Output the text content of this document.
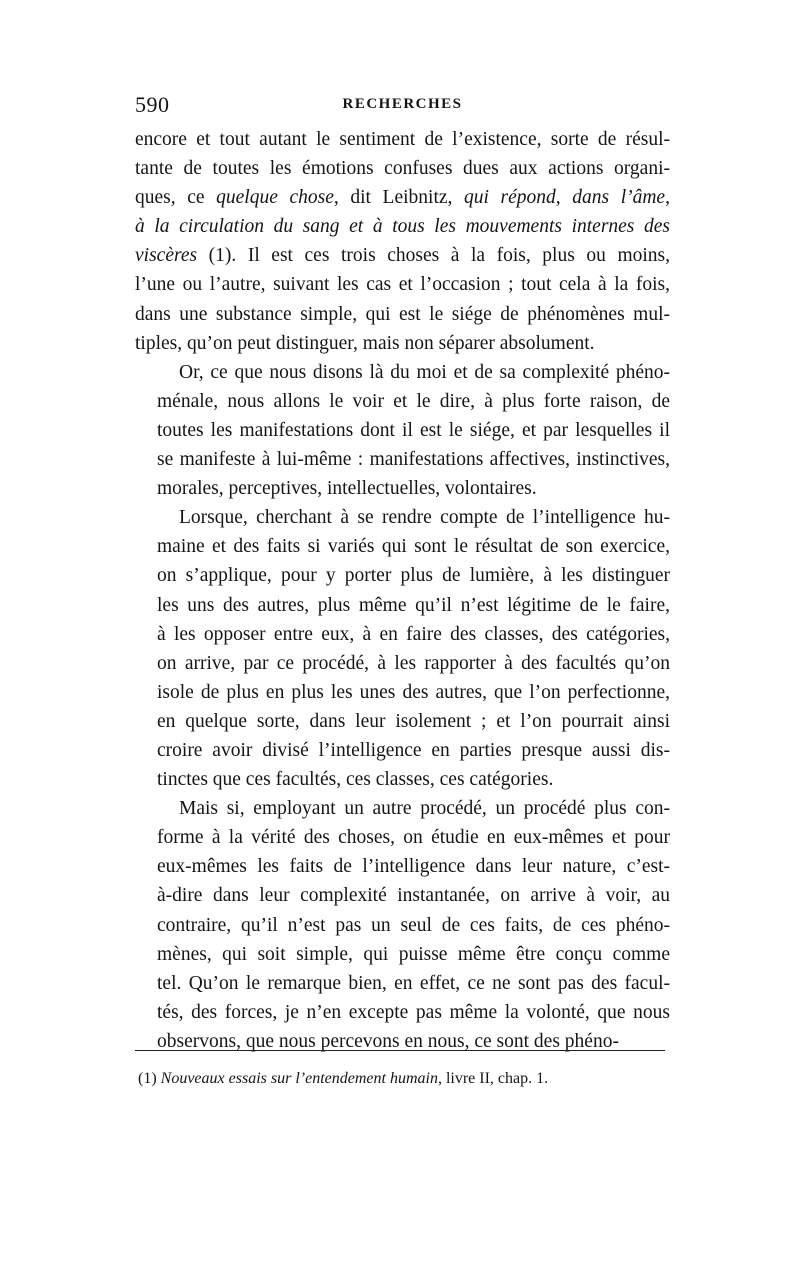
590	RECHERCHES

encore et tout autant le sentiment de l’existence, sorte de résul-
tante de toutes les émotions confuses dues aux actions organi-
ques, ce quelque chose, dit Leibnitz, qui répond, dans l’âme,
à la circulation du sang et à tous les mouvements internes des
viscères (1). Il est ces trois choses à la fois, plus ou moins,
l’une ou l’autre, suivant les cas et l’occasion ; tout cela à la fois,
dans une substance simple, qui est le siége de phénomènes mul-
tiples, qu’on peut distinguer, mais non séparer absolument.

Or, ce que nous disons là du moi et de sa complexité phéno-
ménale, nous allons le voir et le dire, à plus forte raison, de
toutes les manifestations dont il est le siége, et par lesquelles il
se manifeste à lui-même : manifestations affectives, instinctives,
morales, perceptives, intellectuelles, volontaires.

Lorsque, cherchant à se rendre compte de l’intelligence hu-
maine et des faits si variés qui sont le résultat de son exercice,
on s’applique, pour y porter plus de lumière, à les distinguer
les uns des autres, plus même qu’il n’est légitime de le faire,
à les opposer entre eux, à en faire des classes, des catégories,
on arrive, par ce procédé, à les rapporter à des facultés qu’on
isole de plus en plus les unes des autres, que l’on perfectionne,
en quelque sorte, dans leur isolement ; et l’on pourrait ainsi
croire avoir divisé l’intelligence en parties presque aussi dis-
tinctes que ces facultés, ces classes, ces catégories.

Mais si, employant un autre procédé, un procédé plus con-
forme à la vérité des choses, on étudie en eux-mêmes et pour
eux-mêmes les faits de l’intelligence dans leur nature, c’est-
à-dire dans leur complexité instantanée, on arrive à voir, au
contraire, qu’il n’est pas un seul de ces faits, de ces phéno-
mènes, qui soit simple, qui puisse même être conçu comme
tel. Qu’on le remarque bien, en effet, ce ne sont pas des facul-
tés, des forces, je n’en excepte pas même la volonté, que nous
observons, que nous percevons en nous, ce sont des phéno-

(1) Nouveaux essais sur l’entendement humain, livre II, chap. 1.
